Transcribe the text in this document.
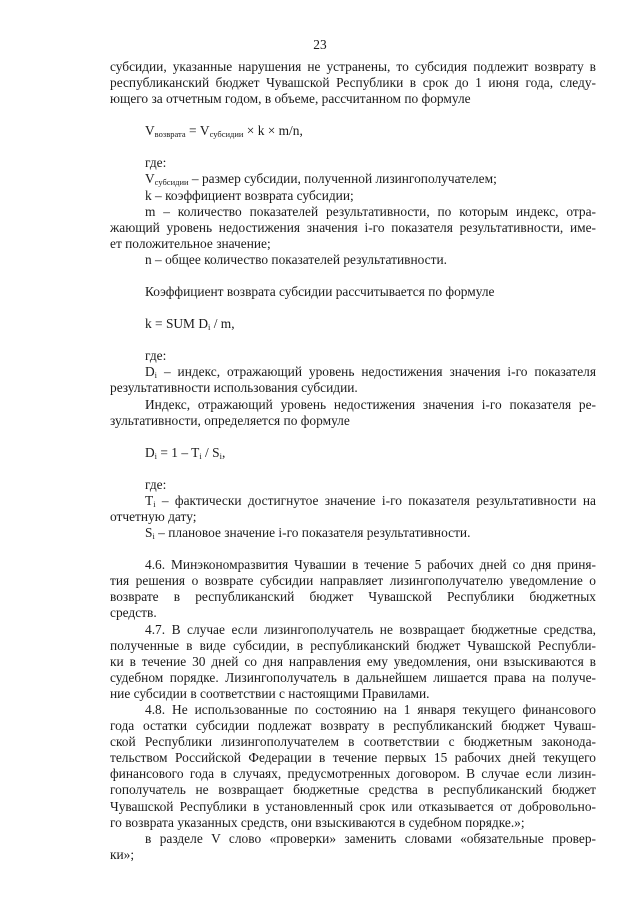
23

субсидии, указанные нарушения не устранены, то субсидия подлежит возврату в

республиканский бюджет Чувашской Республики в срок до 1 июня года, следу-

ющего за отчетным годом, в объеме, рассчитанном по формуле

$V_{возврата} = V_{субсидии} \times k \times m/n$,

где:

$V_{субсидии}$ – размер субсидии, полученной лизингополучателем;

k – коэффициент возврата субсидии;

m – количество показателей результативности, по которым индекс, отра-

жающий уровень недостижения значения i-го показателя результативности, име-

ет положительное значение;

n – общее количество показателей результативности.

Коэффициент возврата субсидии рассчитывается по формуле

k = SUM $D_i$ / m,

где:

$D_i$ – индекс, отражающий уровень недостижения значения i-го показателя

результативности использования субсидии.

Индекс, отражающий уровень недостижения значения i-го показателя ре-

зультативности, определяется по формуле

$D_i = 1 - T_i / S_i$,

где:

$T_i$ – фактически достигнутое значение i-го показателя результативности на

отчетную дату;

$S_i$ – плановое значение i-го показателя результативности.

4.6. Минэкономразвития Чувашии в течение 5 рабочих дней со дня приня-

тия решения о возврате субсидии направляет лизингополучателю уведомление о

возврате в республиканский бюджет Чувашской Республики бюджетных

средств.

4.7. В случае если лизингополучатель не возвращает бюджетные средства,

полученные в виде субсидии, в республиканский бюджет Чувашской Республи-

ки в течение 30 дней со дня направления ему уведомления, они взыскиваются в

судебном порядке. Лизингополучатель в дальнейшем лишается права на получе-

ние субсидии в соответствии с настоящими Правилами.

4.8. Не использованные по состоянию на 1 января текущего финансового

года остатки субсидии подлежат возврату в республиканский бюджет Чуваш-

ской Республики лизингополучателем в соответствии с бюджетным законода-

тельством Российской Федерации в течение первых 15 рабочих дней текущего

финансового года в случаях, предусмотренных договором. В случае если лизин-

гополучатель не возвращает бюджетные средства в республиканский бюджет

Чувашской Республики в установленный срок или отказывается от добровольно-

го возврата указанных средств, они взыскиваются в судебном порядке.»;

в разделе V слово «проверки» заменить словами «обязательные провер-

ки»;
